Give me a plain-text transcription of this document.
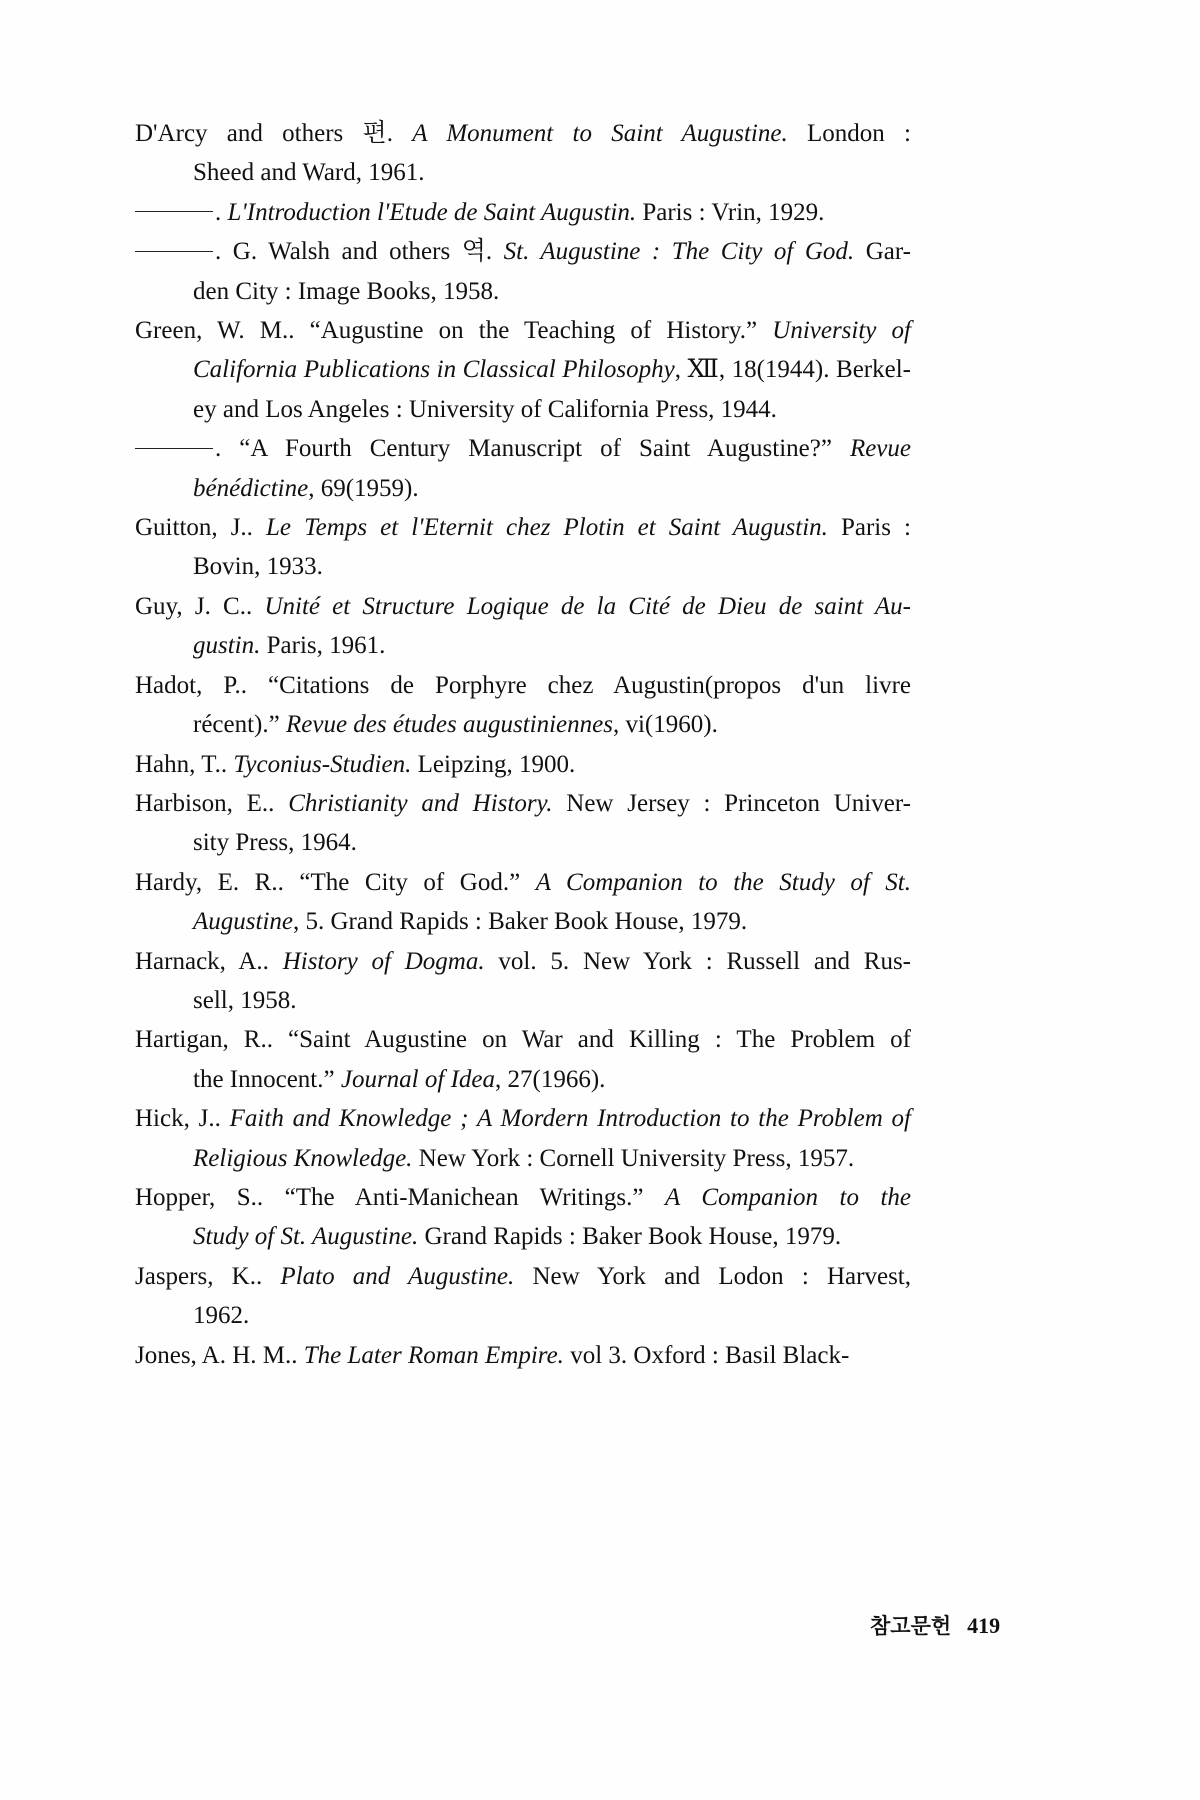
D'Arcy and others 편. A Monument to Saint Augustine. London :
Sheed and Ward, 1961.
. L'Introduction l'Etude de Saint Augustin. Paris : Vrin, 1929.
. G. Walsh and others 역. St. Augustine : The City of God. Gar-
den City : Image Books, 1958.
Green, W. M.. “Augustine on the Teaching of History.” University of
California Publications in Classical Philosophy, Ⅻ, 18(1944). Berkel-
ey and Los Angeles : University of California Press, 1944.
. “A Fourth Century Manuscript of Saint Augustine?” Revue
bénédictine, 69(1959).
Guitton, J.. Le Temps et l'Eternit chez Plotin et Saint Augustin. Paris :
Bovin, 1933.
Guy, J. C.. Unité et Structure Logique de la Cité de Dieu de saint Au-
gustin. Paris, 1961.
Hadot, P.. “Citations de Porphyre chez Augustin(propos d'un livre
récent).” Revue des études augustiniennes, vi(1960).
Hahn, T.. Tyconius-Studien. Leipzing, 1900.
Harbison, E.. Christianity and History. New Jersey : Princeton Univer-
sity Press, 1964.
Hardy, E. R.. “The City of God.” A Companion to the Study of St.
Augustine, 5. Grand Rapids : Baker Book House, 1979.
Harnack, A.. History of Dogma. vol. 5. New York : Russell and Rus-
sell, 1958.
Hartigan, R.. “Saint Augustine on War and Killing : The Problem of
the Innocent.” Journal of Idea, 27(1966).
Hick, J.. Faith and Knowledge ; A Mordern Introduction to the Problem of
Religious Knowledge. New York : Cornell University Press, 1957.
Hopper, S.. “The Anti-Manichean Writings.” A Companion to the
Study of St. Augustine. Grand Rapids : Baker Book House, 1979.
Jaspers, K.. Plato and Augustine. New York and Lodon : Harvest,
1962.
Jones, A. H. M.. The Later Roman Empire. vol 3. Oxford : Basil Black-
참고문헌 419
